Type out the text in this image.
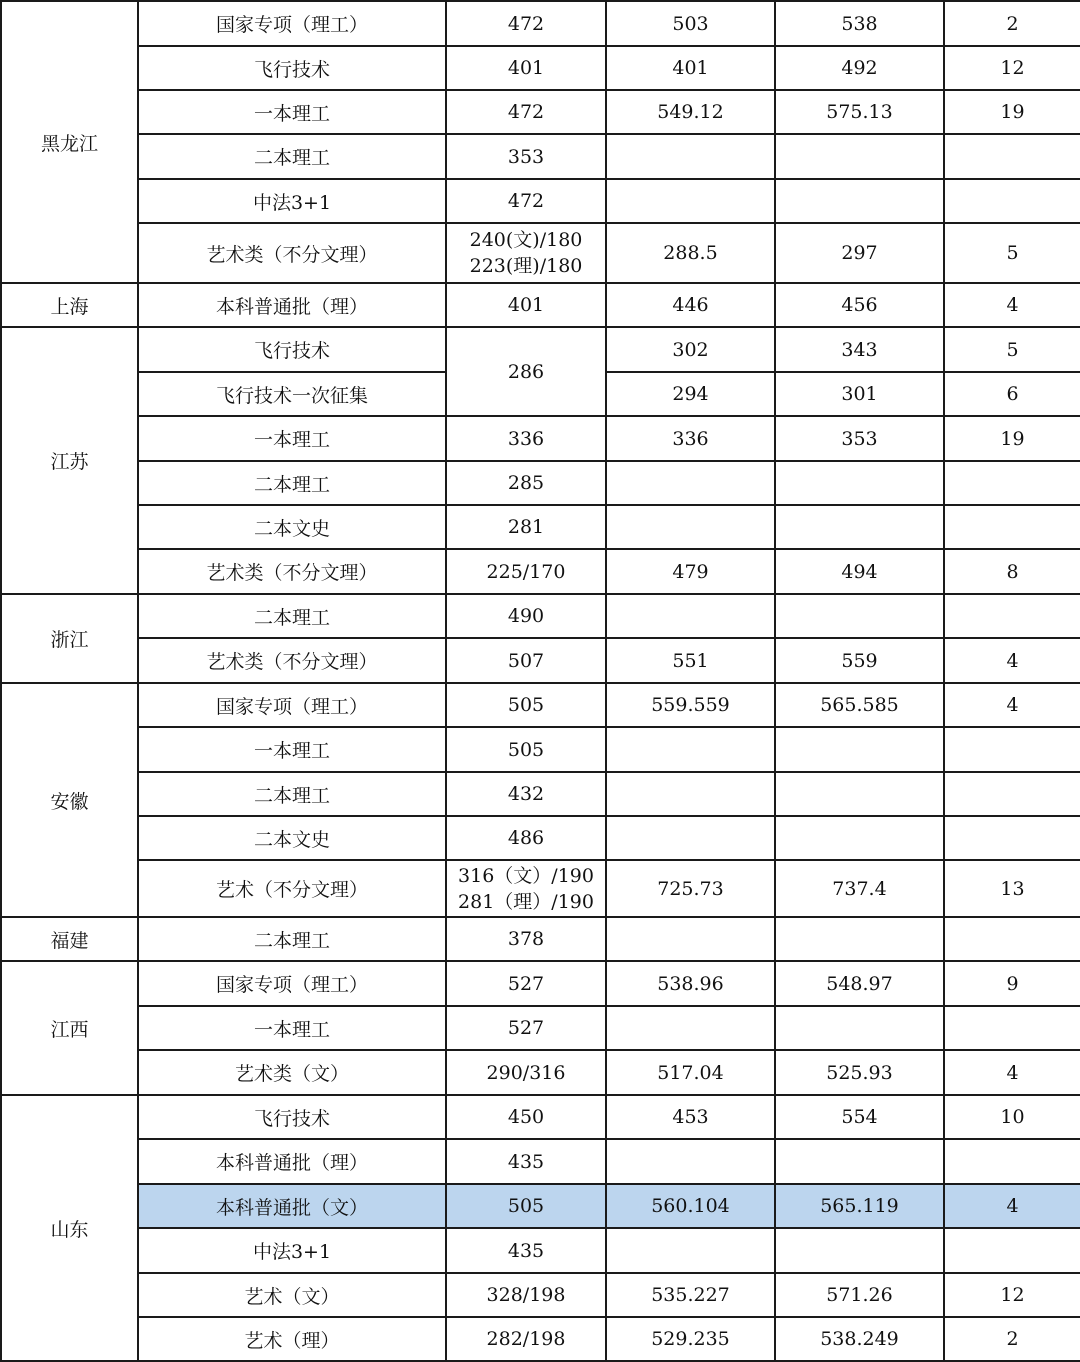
黑龙江	国家专项（理工）	472	503	538	2
	飞行技术	401	401	492	12
	一本理工	472	549.12	575.13	19
	二本理工	353			
	中法3+1	472			
	艺术类（不分文理）	240(文)/180
223(理)/180	288.5	297	5
上海	本科普通批（理）	401	446	456	4
江苏	飞行技术	286	302	343	5
	飞行技术一次征集		294	301	6
	一本理工	336	336	353	19
	二本理工	285			
	二本文史	281			
	艺术类（不分文理）	225/170	479	494	8
浙江	二本理工	490			
	艺术类（不分文理）	507	551	559	4
安徽	国家专项（理工）	505	559.559	565.585	4
	一本理工	505			
	二本理工	432			
	二本文史	486			
	艺术（不分文理）	316（文）/190
281（理）/190	725.73	737.4	13
福建	二本理工	378			
江西	国家专项（理工）	527	538.96	548.97	9
	一本理工	527			
	艺术类（文）	290/316	517.04	525.93	4
山东	飞行技术	450	453	554	10
	本科普通批（理）	435			
	本科普通批（文）	505	560.104	565.119	4
	中法3+1	435			
	艺术（文）	328/198	535.227	571.26	12
	艺术（理）	282/198	529.235	538.249	2
